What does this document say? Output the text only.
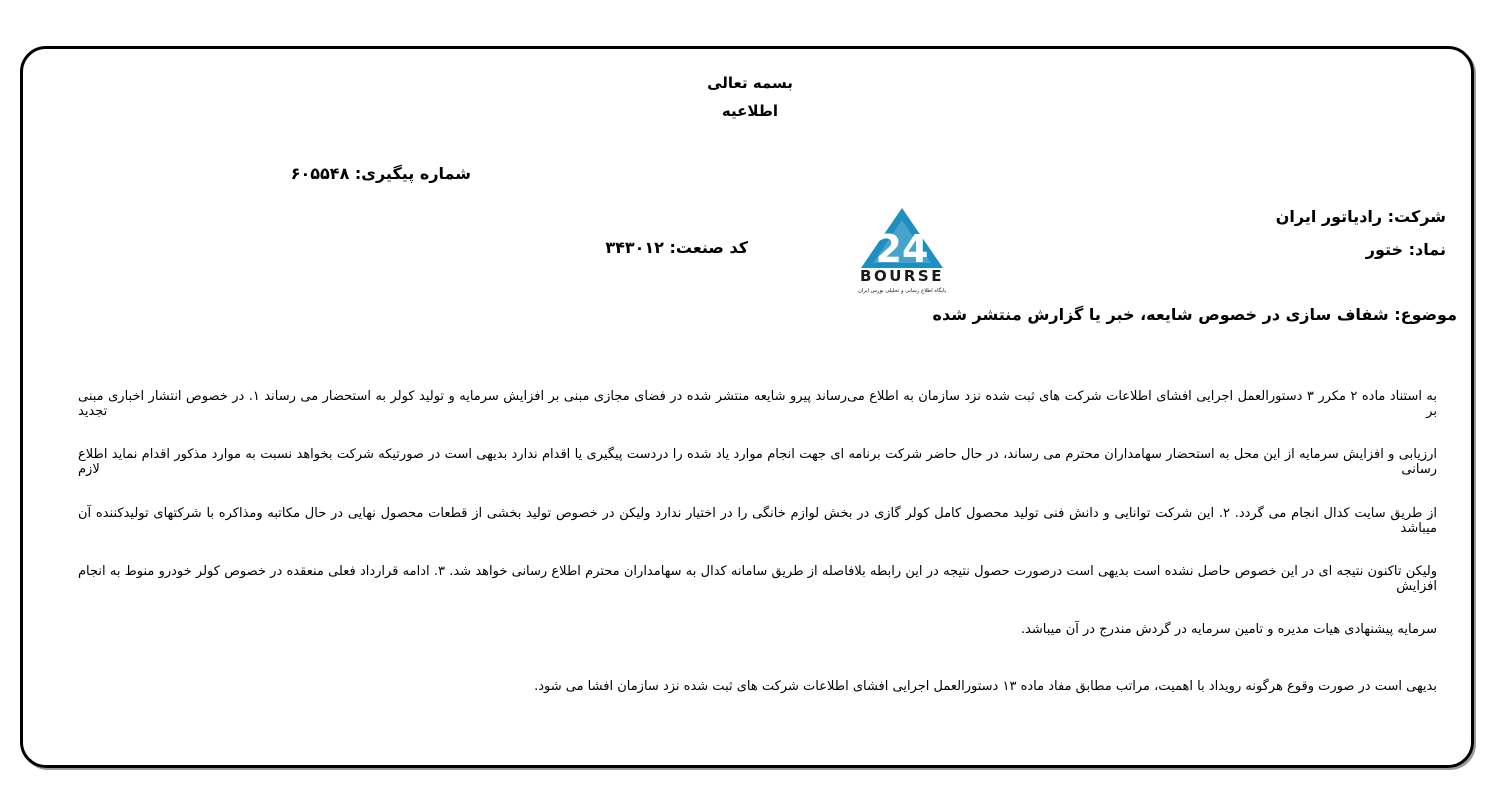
بسمه تعالی
اطلاعیه
شماره پیگیری: ۶۰۵۵۴۸
شرکت: رادیاتور ایران
نماد: ختور
کد صنعت: ۳۴۳۰۱۲	24
BOURSE
پایگاه اطلاع رسانی و تحلیلی بورس ایران
موضوع: شفاف سازی در خصوص شایعه، خبر یا گزارش منتشر شده
به استناد ماده ۲ مکرر ۳ دستورالعمل اجرایی افشای اطلاعات شرکت های ثبت شده نزد سازمان به اطلاع می‌رساند پیرو شایعه منتشر شده در فضای مجازی مبنی بر افزایش سرمایه و تولید کولر به استحضار می رساند ۱. در خصوص انتشار اخباری مبنی بر تجدید
ارزیابی و افزایش سرمایه از این محل به استحضار سهامداران محترم می رساند، در حال حاضر شرکت برنامه ای جهت انجام موارد یاد شده را دردست پیگیری یا اقدام ندارد بدیهی است در صورتیکه شرکت بخواهد نسبت به موارد مذکور اقدام نماید اطلاع رسانی لازم
از طریق سایت کدال انجام می گردد. ۲. این شرکت توانایی و دانش فنی تولید محصول کامل کولر گازی در بخش لوازم خانگی را در اختیار ندارد ولیکن در خصوص تولید بخشی از قطعات محصول نهایی در حال مکاتبه ومذاکره با شرکتهای تولیدکننده آن میباشد
ولیکن تاکنون نتیجه ای در این خصوص حاصل نشده است بدیهی است درصورت حصول نتیجه در این رابطه بلافاصله از طریق سامانه کدال به سهامداران محترم اطلاع رسانی خواهد شد. ۳. ادامه قرارداد فعلی منعقده در خصوص کولر خودرو منوط به انجام افزایش
سرمایه پیشنهادی هیات مدیره و تامین سرمایه در گردش مندرج در آن میباشد.
بدیهی است در صورت وقوع هرگونه رویداد با اهمیت، مراتب مطابق مفاد ماده ۱۳ دستورالعمل اجرایی افشای اطلاعات شرکت های ثبت شده نزد سازمان افشا می شود.
